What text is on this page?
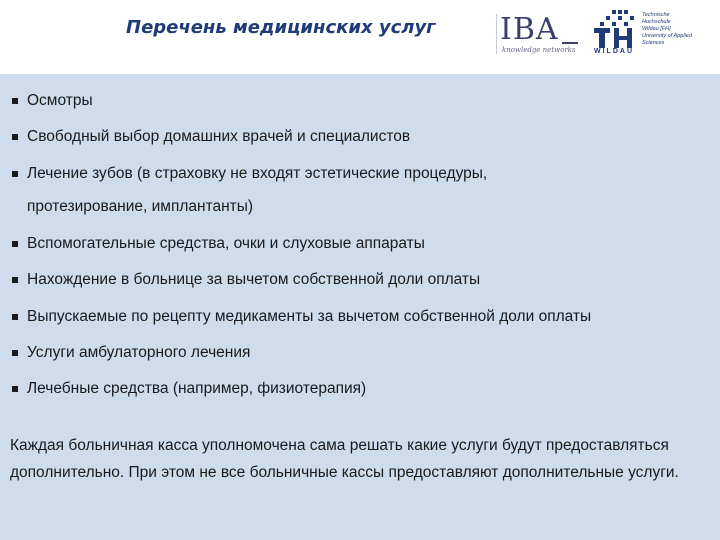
Перечень медицинских услуг IBA
knowledge networks
Technische
Hochschule
Wildau [FH]
University of Applied
Sciences
WILDAU
Осмотры
Свободный выбор домашних врачей и специалистов
Лечение зубов (в страховку не входят эстетические процедуры,
протезирование, имплантанты)
Вспомогательные средства, очки и слуховые аппараты
Нахождение в больнице за вычетом собственной доли оплаты
Выпускаемые по рецепту медикаменты за вычетом собственной доли оплаты
Услуги амбулаторного лечения
Лечебные средства (например, физиотерапия)
Каждая больничная касса уполномочена сама решать какие услуги будут предоставляться дополнительно. При этом не все больничные кассы предоставляют дополнительные услуги.
